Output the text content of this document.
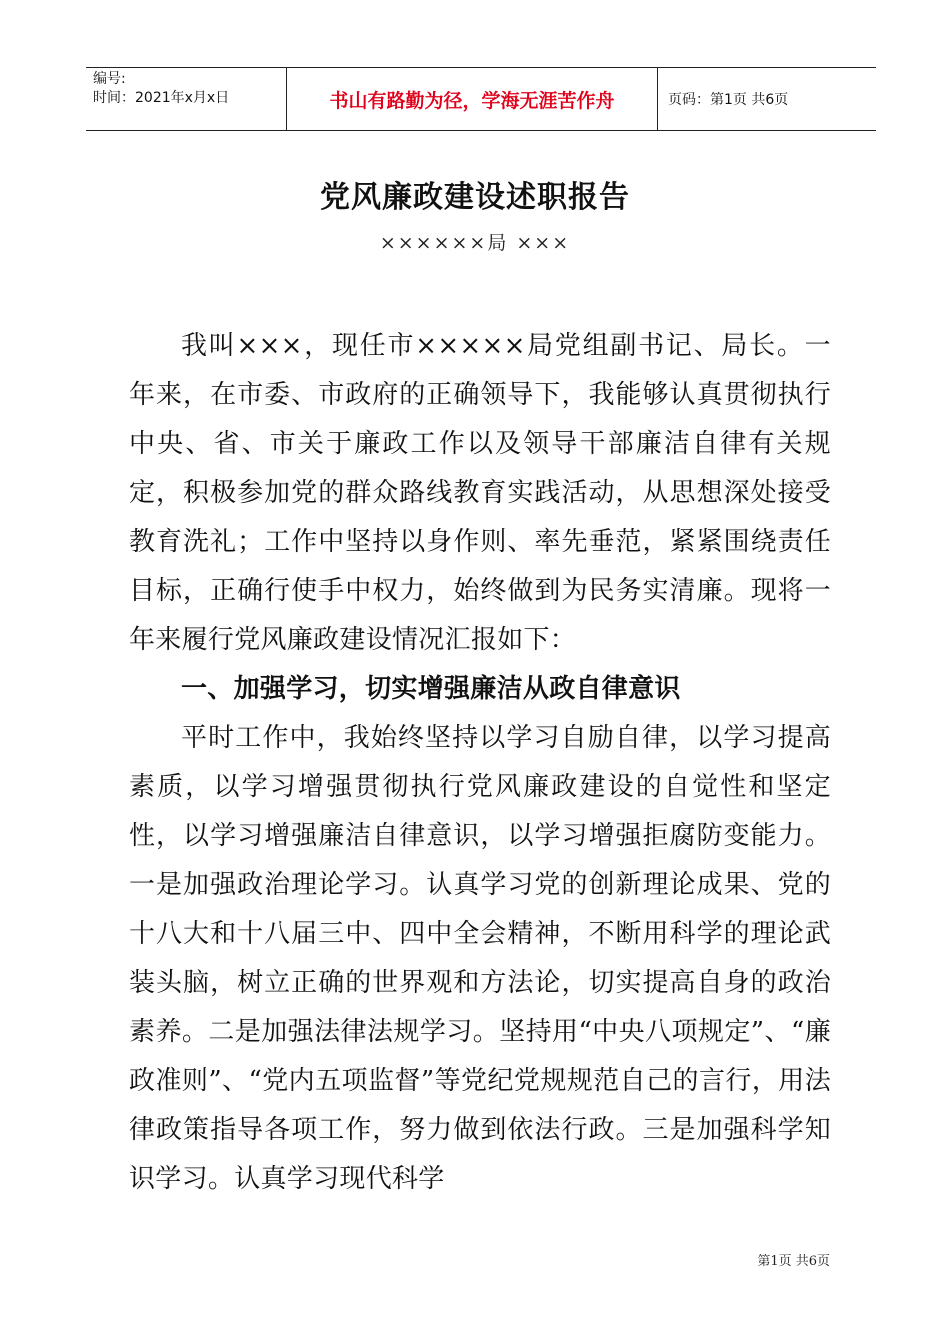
编号:
时间：2021年x月x日	书山有路勤为径，学海无涯苦作舟	页码：第1页 共6页
党风廉政建设述职报告
××××××局 ×××

我叫×××，现任市×××××局党组副书记、局长。一年来，在市委、市政府的正确领导下，我能够认真贯彻执行中央、省、市关于廉政工作以及领导干部廉洁自律有关规定，积极参加党的群众路线教育实践活动，从思想深处接受教育洗礼；工作中坚持以身作则、率先垂范，紧紧围绕责任目标，正确行使手中权力，始终做到为民务实清廉。现将一年来履行党风廉政建设情况汇报如下：

一、加强学习，切实增强廉洁从政自律意识

平时工作中，我始终坚持以学习自励自律，以学习提高素质，以学习增强贯彻执行党风廉政建设的自觉性和坚定性，以学习增强廉洁自律意识，以学习增强拒腐防变能力。一是加强政治理论学习。认真学习党的创新理论成果、党的十八大和十八届三中、四中全会精神，不断用科学的理论武装头脑，树立正确的世界观和方法论，切实提高自身的政治素养。二是加强法律法规学习。坚持用“中央八项规定”、“廉政准则”、“党内五项监督”等党纪党规规范自己的言行，用法律政策指导各项工作，努力做到依法行政。三是加强科学知识学习。认真学习现代科学

第1页 共6页
